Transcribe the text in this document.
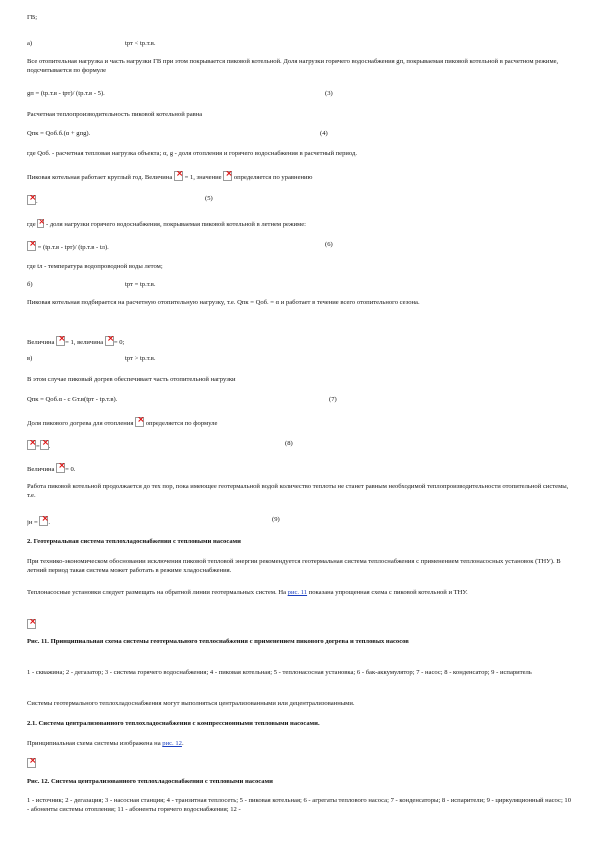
ГВ;
а)	tрт < tр.т.в.
Все отопительная нагрузка и часть нагрузки ГВ при этом покрывается пиковой котельной. Доля нагрузки горячего водоснабжения gп, покрываемая пиковой котельной в расчетном режиме, подсчитывается по формуле
gп = (tр.т.в - tрт)/ (tр.т.в - 5).	(3)
Расчетная теплопроизводительность пиковой котельной равна
Qпк = Qоб.б.(α + gпg).	(4)
где Qоб. - расчетная тепловая нагрузка объекта; α, g - доля отопления и горячего водоснабжения в расчетный период.
Пиковая котельная работает круглый год. Величина × = 1, значение × определяется по уравнению
×.	(5)
где × - доля нагрузки горячего водоснабжения, покрываемая пиковой котельной в летнем режиме:
× = (tр.т.в - tрт)/ (tр.т.в - tл).	(6)
где tл - температура водопроводной воды летом;
б)	tрт = tр.т.в.
Пиковая котельная подбирается на расчетную отопительную нагрузку, т.е. Qпк = Qоб. = α и работает в течение всего отопительного сезона.
Величина × = 1, величина × = 0;
в)	tрт > tр.т.в.
В этом случае пиковый догрев обеспечивает часть отопительной нагрузки
Qпк = Qоб.α - с Gт.в(tрт - tр.т.в).	(7)
Доля пикового догрева для отопления × определяется по формуле
×= × .	(8)
Величина × = 0.
Работа пиковой котельной продолжается до тех пор, пока имеющее геотермальной водой количество теплоты не станет равным необходимой теплопроизводительности отопительной системы, т.е.
jн = × .	(9)
2. Геотермальная система теплохладоснабжения с тепловыми насосами
При технико-экономическом обосновании исключения пиковой тепловой энергии рекомендуется геотермальная система теплоснабжения с применением теплонасосных установок (ТНУ). В летний период такая система может работать в режиме хладоснабжения.
Теплонасосные установки следует размещать на обратной линии геотермальных систем. На рис. 11 показана упрощенная схема с пиковой котельной и ТНУ.
×
Рис. 11. Принципиальная схема системы геотермального теплоснабжения с применением пикового догрева и тепловых насосов
1 - скважина; 2 - дегазатор; 3 - система горячего водоснабжения; 4 - пиковая котельная; 5 - теплонасосная установка; 6 - бак-аккумулятор; 7 - насос; 8 - конденсатор; 9 - испаритель
Системы геотермального теплохладоснабжения могут выполняться централизованными или децентрализованными.
2.1. Система централизованного теплохладоснабжения с компрессионными тепловыми насосами.
Принципиальная схема системы изображена на рис. 12.
×
Рис. 12. Система централизованного теплохладоснабжения с тепловыми насосами
1 - источник; 2 - дегазация; 3 - насосная станция; 4 - транзитная теплосеть; 5 - пиковая котельная; 6 - агрегаты теплового насоса; 7 - конденсаторы; 8 - испарители; 9 - циркуляционный насос; 10 - абоненты системы отопления; 11 - абоненты горячего водоснабжения; 12 -
